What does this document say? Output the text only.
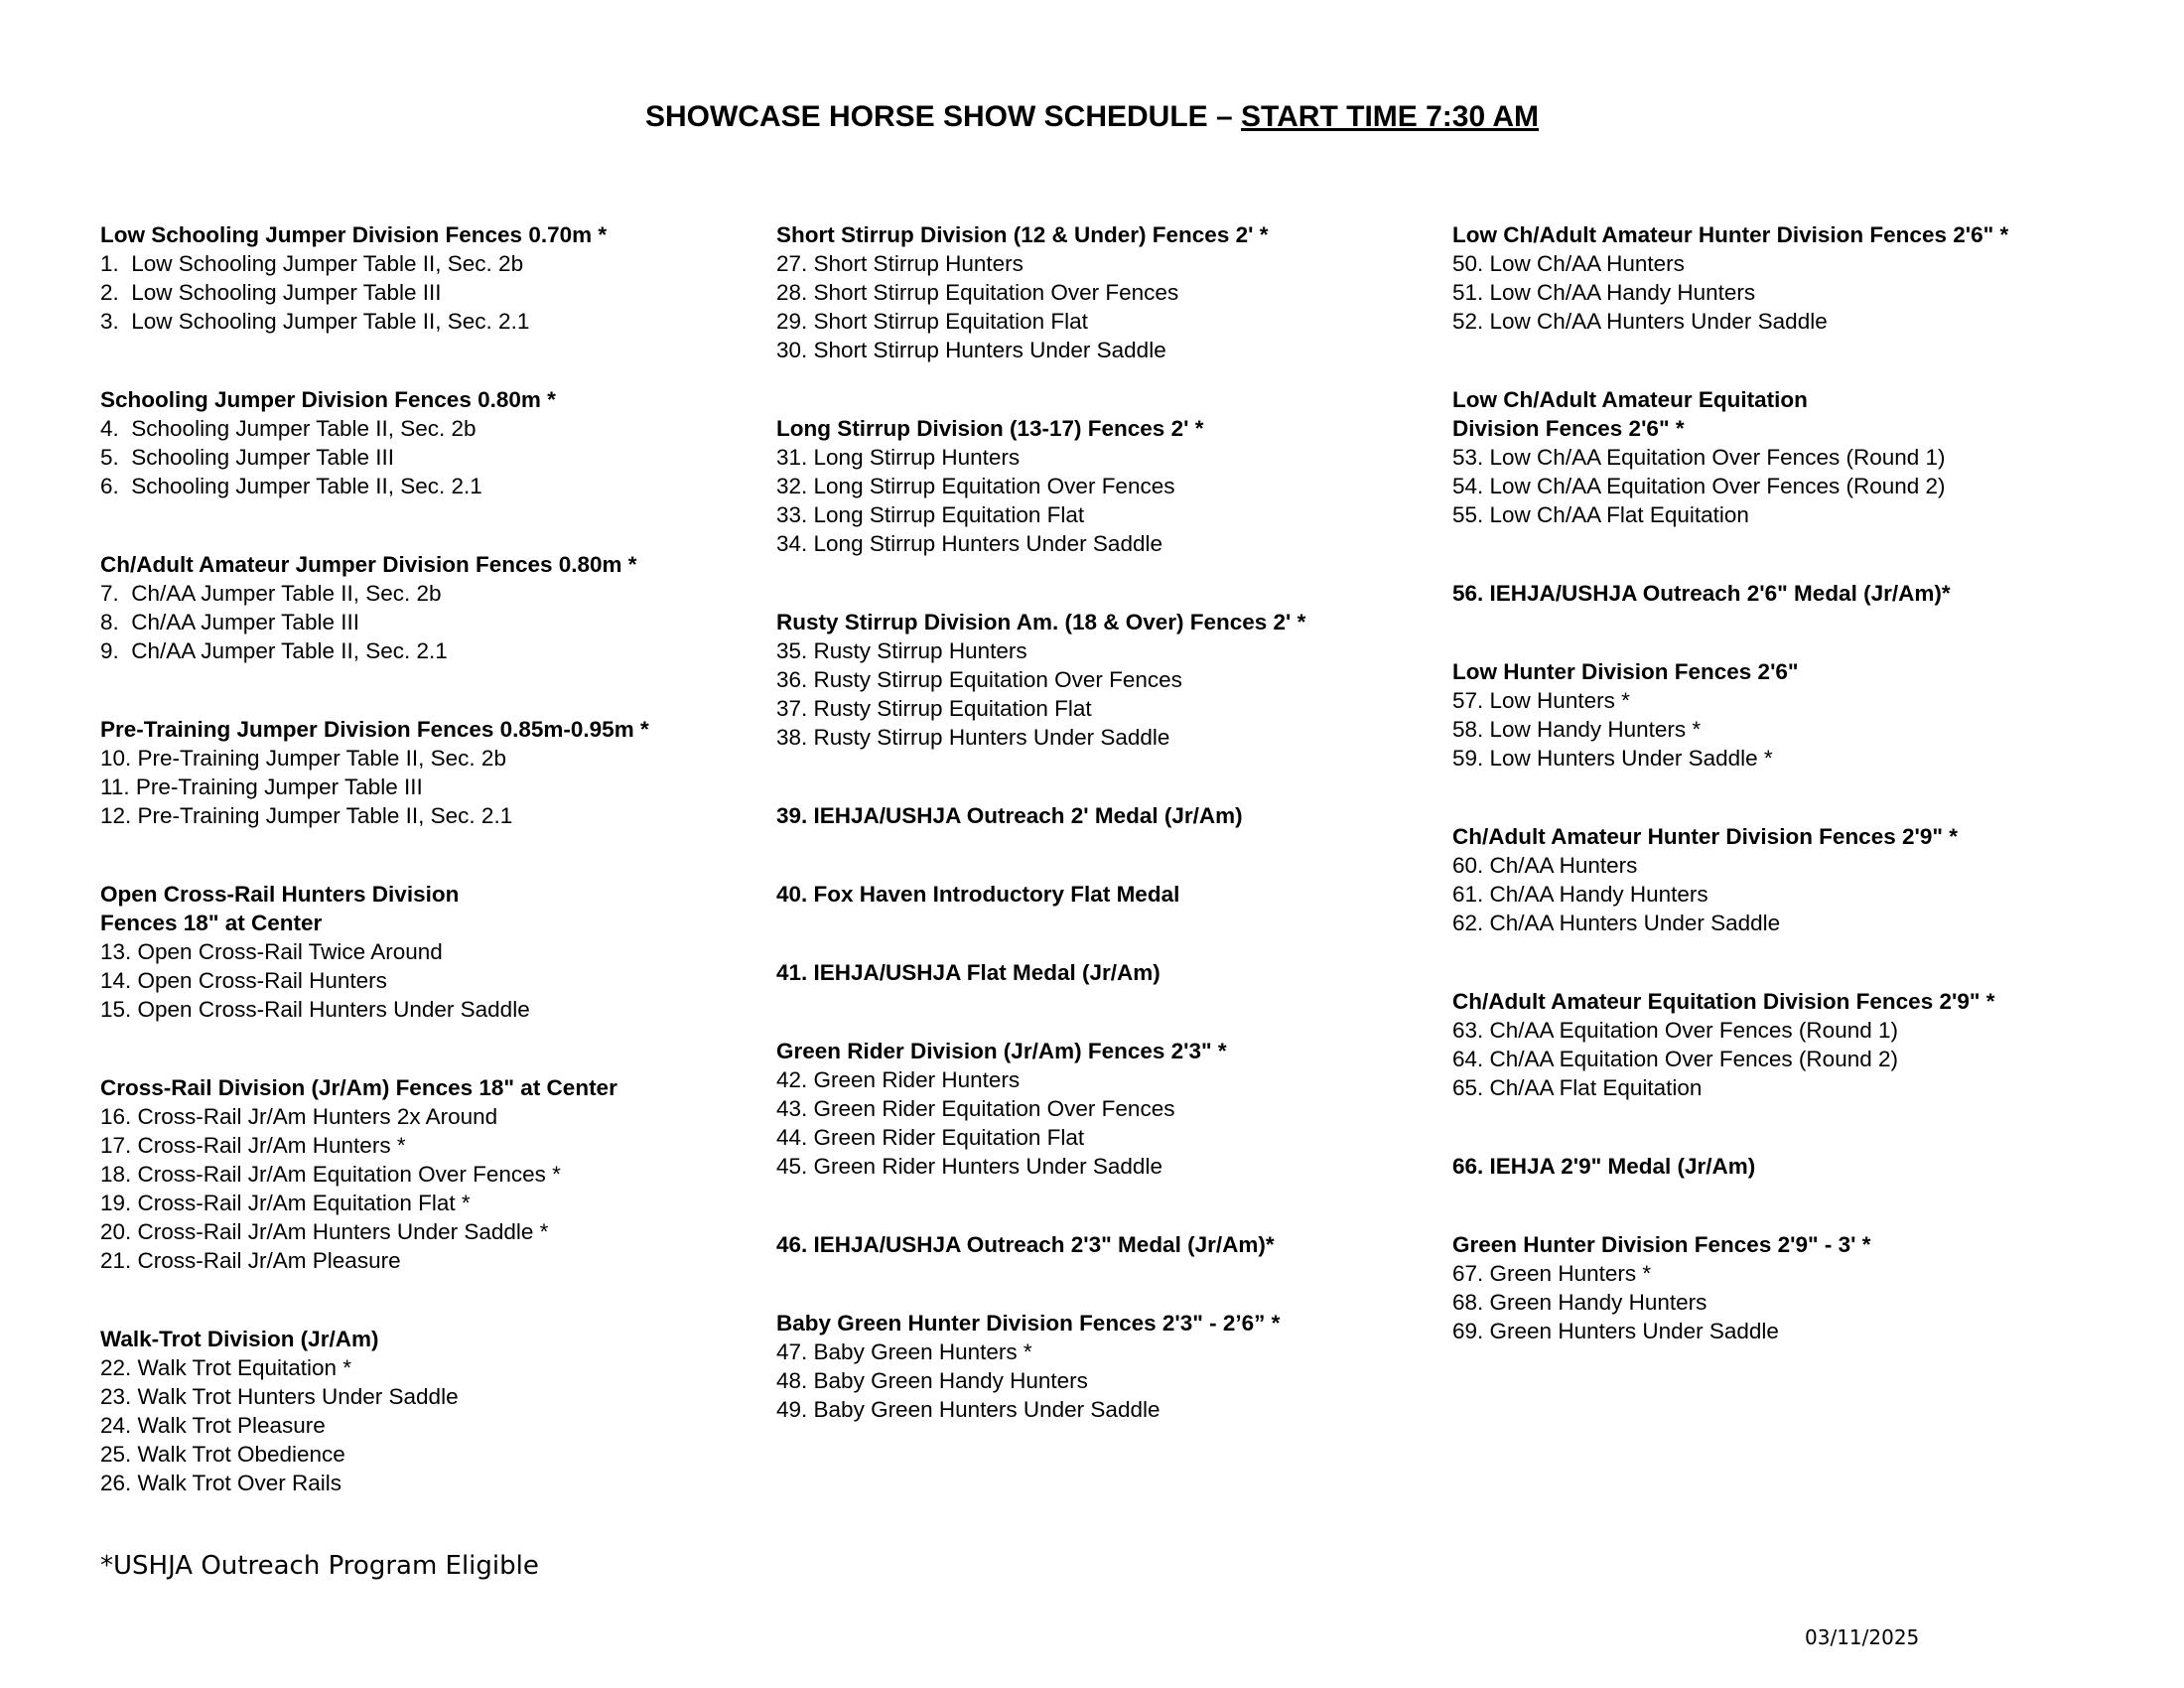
SHOWCASE HORSE SHOW SCHEDULE – START TIME 7:30 AM
Low Schooling Jumper Division Fences 0.70m *
1.  Low Schooling Jumper Table II, Sec. 2b
2.  Low Schooling Jumper Table III
3.  Low Schooling Jumper Table II, Sec. 2.1
Schooling Jumper Division Fences 0.80m *
4.  Schooling Jumper Table II, Sec. 2b
5.  Schooling Jumper Table III
6.  Schooling Jumper Table II, Sec. 2.1
Ch/Adult Amateur Jumper Division Fences 0.80m *
7.  Ch/AA Jumper Table II, Sec. 2b
8.  Ch/AA Jumper Table III
9.  Ch/AA Jumper Table II, Sec. 2.1
Pre-Training Jumper Division Fences 0.85m-0.95m *
10. Pre-Training Jumper Table II, Sec. 2b
11. Pre-Training Jumper Table III
12. Pre-Training Jumper Table II, Sec. 2.1
Open Cross-Rail Hunters Division
Fences 18" at Center
13. Open Cross-Rail Twice Around
14. Open Cross-Rail Hunters
15. Open Cross-Rail Hunters Under Saddle
Cross-Rail Division (Jr/Am) Fences 18" at Center
16. Cross-Rail Jr/Am Hunters 2x Around
17. Cross-Rail Jr/Am Hunters *
18. Cross-Rail Jr/Am Equitation Over Fences *
19. Cross-Rail Jr/Am Equitation Flat *
20. Cross-Rail Jr/Am Hunters Under Saddle *
21. Cross-Rail Jr/Am Pleasure
Walk-Trot Division (Jr/Am)
22. Walk Trot Equitation *
23. Walk Trot Hunters Under Saddle
24. Walk Trot Pleasure
25. Walk Trot Obedience
26. Walk Trot Over Rails
Short Stirrup Division (12 & Under) Fences 2' *
27. Short Stirrup Hunters
28. Short Stirrup Equitation Over Fences
29. Short Stirrup Equitation Flat
30. Short Stirrup Hunters Under Saddle
Long Stirrup Division (13-17) Fences 2' *
31. Long Stirrup Hunters
32. Long Stirrup Equitation Over Fences
33. Long Stirrup Equitation Flat
34. Long Stirrup Hunters Under Saddle
Rusty Stirrup Division Am. (18 & Over) Fences 2' *
35. Rusty Stirrup Hunters
36. Rusty Stirrup Equitation Over Fences
37. Rusty Stirrup Equitation Flat
38. Rusty Stirrup Hunters Under Saddle
39. IEHJA/USHJA Outreach 2' Medal (Jr/Am)
40. Fox Haven Introductory Flat Medal
41. IEHJA/USHJA Flat Medal (Jr/Am)
Green Rider Division (Jr/Am) Fences 2'3" *
42. Green Rider Hunters
43. Green Rider Equitation Over Fences
44. Green Rider Equitation Flat
45. Green Rider Hunters Under Saddle
46. IEHJA/USHJA Outreach 2'3" Medal (Jr/Am)*
Baby Green Hunter Division Fences 2'3" - 2’6” *
47. Baby Green Hunters *
48. Baby Green Handy Hunters
49. Baby Green Hunters Under Saddle
Low Ch/Adult Amateur Hunter Division Fences 2'6" *
50. Low Ch/AA Hunters
51. Low Ch/AA Handy Hunters
52. Low Ch/AA Hunters Under Saddle
Low Ch/Adult Amateur Equitation
Division Fences 2'6" *
53. Low Ch/AA Equitation Over Fences (Round 1)
54. Low Ch/AA Equitation Over Fences (Round 2)
55. Low Ch/AA Flat Equitation
56. IEHJA/USHJA Outreach 2'6" Medal (Jr/Am)*
Low Hunter Division Fences 2'6"
57. Low Hunters *
58. Low Handy Hunters *
59. Low Hunters Under Saddle *
Ch/Adult Amateur Hunter Division Fences 2'9" *
60. Ch/AA Hunters
61. Ch/AA Handy Hunters
62. Ch/AA Hunters Under Saddle
Ch/Adult Amateur Equitation Division Fences 2'9" *
63. Ch/AA Equitation Over Fences (Round 1)
64. Ch/AA Equitation Over Fences (Round 2)
65. Ch/AA Flat Equitation
66. IEHJA 2'9" Medal (Jr/Am)
Green Hunter Division Fences 2'9" - 3' *
67. Green Hunters *
68. Green Handy Hunters
69. Green Hunters Under Saddle
*USHJA Outreach Program Eligible
03/11/2025
